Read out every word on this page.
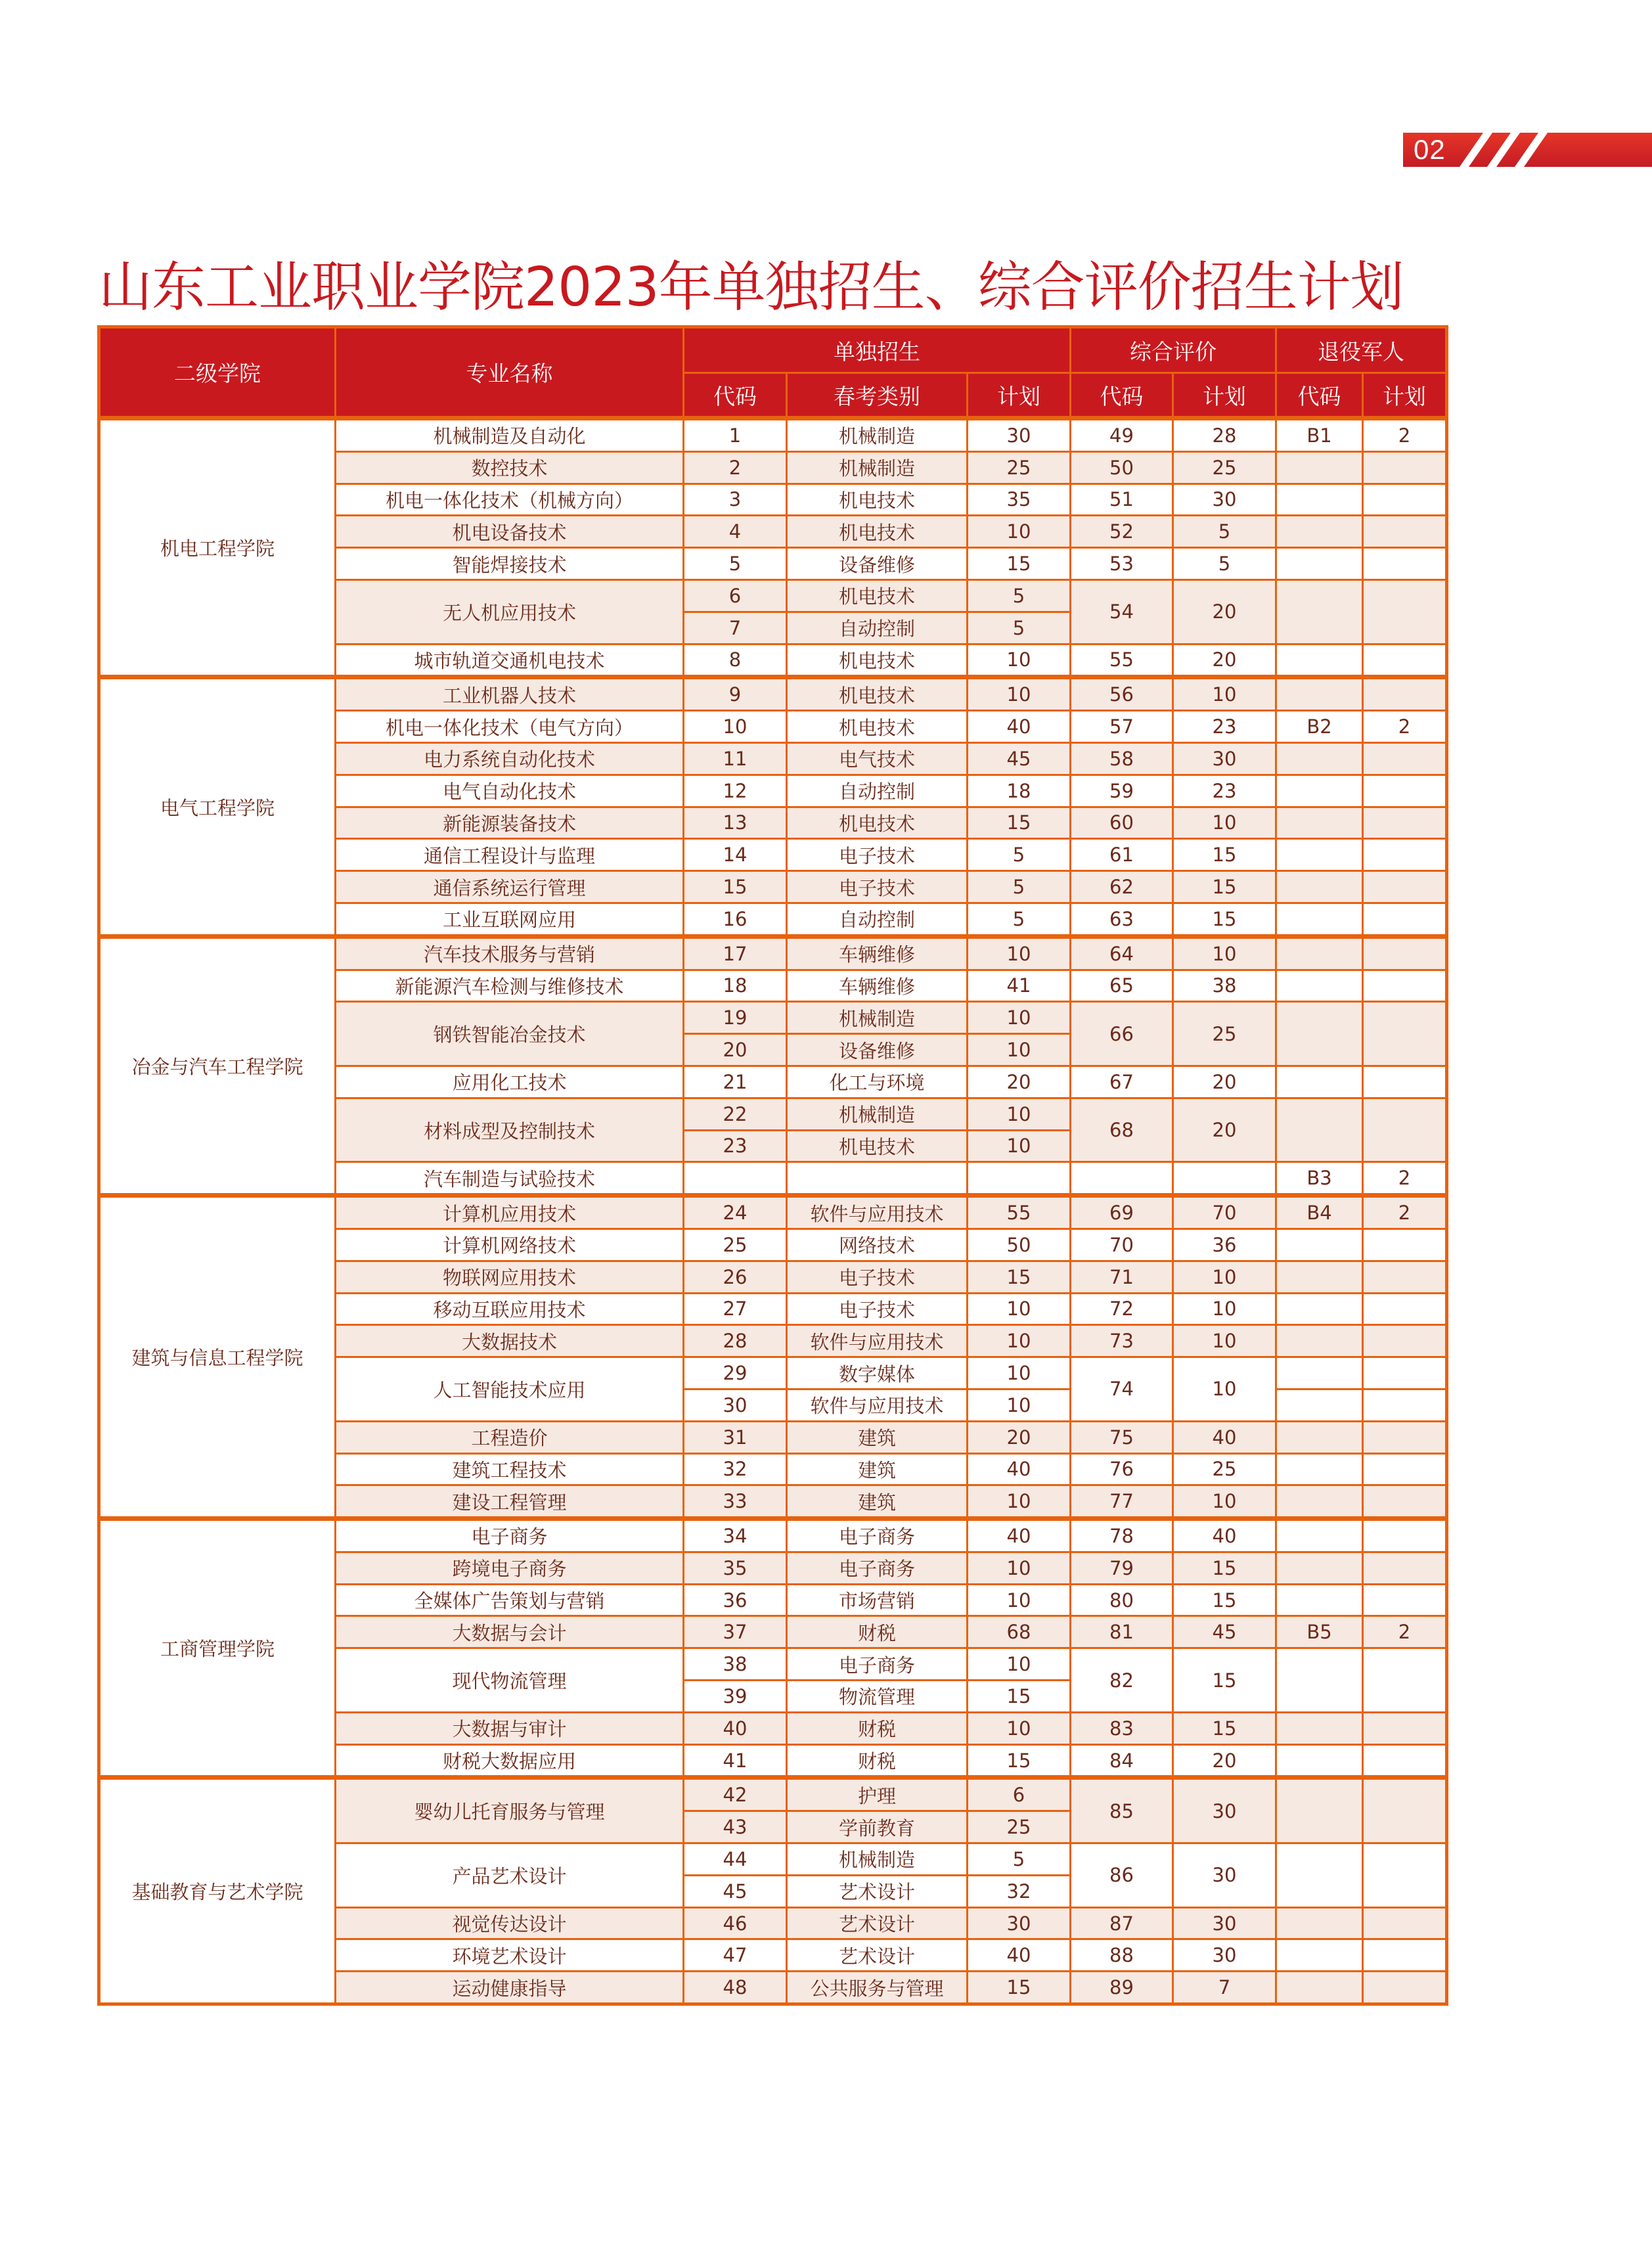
02
山东工业职业学院2023年单独招生、综合评价招生计划
二级学院	专业名称	单独招生			综合评价		退役军人	
		代码	春考类别	计划	代码	计划	代码	计划
机电工程学院	机械制造及自动化	1	机械制造	30	49	28	B1	2
	数控技术	2	机械制造	25	50	25		
	机电一体化技术（机械方向）	3	机电技术	35	51	30		
	机电设备技术	4	机电技术	10	52	5		
	智能焊接技术	5	设备维修	15	53	5		
	无人机应用技术	6	机电技术	5	54	20		
		7	自动控制	5				
	城市轨道交通机电技术	8	机电技术	10	55	20		
电气工程学院	工业机器人技术	9	机电技术	10	56	10		
	机电一体化技术（电气方向）	10	机电技术	40	57	23	B2	2
	电力系统自动化技术	11	电气技术	45	58	30		
	电气自动化技术	12	自动控制	18	59	23		
	新能源装备技术	13	机电技术	15	60	10		
	通信工程设计与监理	14	电子技术	5	61	15		
	通信系统运行管理	15	电子技术	5	62	15		
	工业互联网应用	16	自动控制	5	63	15		
冶金与汽车工程学院	汽车技术服务与营销	17	车辆维修	10	64	10		
	新能源汽车检测与维修技术	18	车辆维修	41	65	38		
	钢铁智能冶金技术	19	机械制造	10	66	25		
		20	设备维修	10				
	应用化工技术	21	化工与环境	20	67	20		
	材料成型及控制技术	22	机械制造	10	68	20		
		23	机电技术	10				
	汽车制造与试验技术						B3	2
建筑与信息工程学院	计算机应用技术	24	软件与应用技术	55	69	70	B4	2
	计算机网络技术	25	网络技术	50	70	36		
	物联网应用技术	26	电子技术	15	71	10		
	移动互联应用技术	27	电子技术	10	72	10		
	大数据技术	28	软件与应用技术	10	73	10		
	人工智能技术应用	29	数字媒体	10	74	10		
		30	软件与应用技术	10				
	工程造价	31	建筑	20	75	40		
	建筑工程技术	32	建筑	40	76	25		
	建设工程管理	33	建筑	10	77	10		
工商管理学院	电子商务	34	电子商务	40	78	40		
	跨境电子商务	35	电子商务	10	79	15		
	全媒体广告策划与营销	36	市场营销	10	80	15		
	大数据与会计	37	财税	68	81	45	B5	2
	现代物流管理	38	电子商务	10	82	15		
		39	物流管理	15				
	大数据与审计	40	财税	10	83	15		
	财税大数据应用	41	财税	15	84	20		
基础教育与艺术学院	婴幼儿托育服务与管理	42	护理	6	85	30		
		43	学前教育	25				
	产品艺术设计	44	机械制造	5	86	30		
		45	艺术设计	32				
	视觉传达设计	46	艺术设计	30	87	30		
	环境艺术设计	47	艺术设计	40	88	30		
	运动健康指导	48	公共服务与管理	15	89	7		
